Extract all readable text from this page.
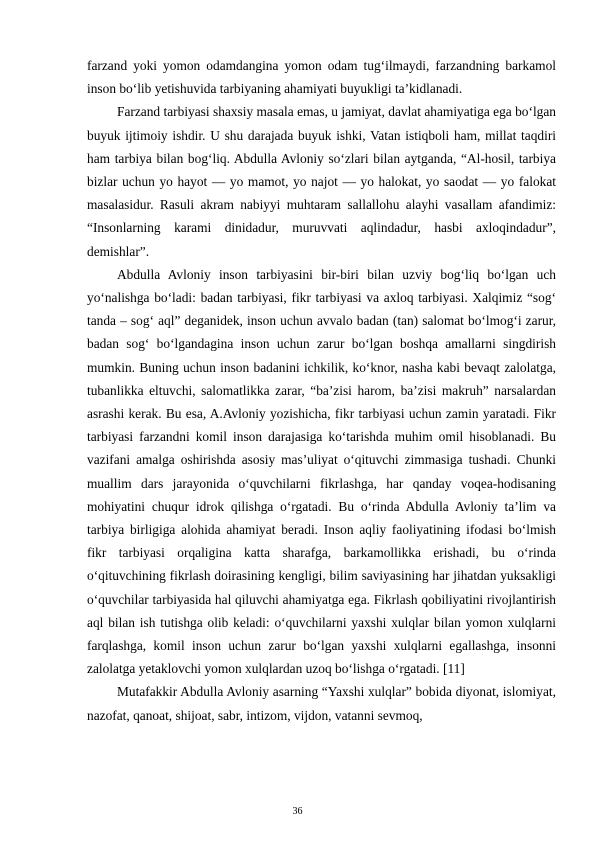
farzand yoki yomon odamdangina yomon odam tug‘ilmaydi, farzandning barkamol inson bo‘lib yetishuvida tarbiyaning ahamiyati buyukligi ta’kidlanadi.

Farzand tarbiyasi shaxsiy masala emas, u jamiyat, davlat ahamiyatiga ega bo‘lgan buyuk ijtimoiy ishdir. U shu darajada buyuk ishki, Vatan istiqboli ham, millat taqdiri ham tarbiya bilan bog‘liq. Abdulla Avloniy so‘zlari bilan aytganda, “Al-hosil, tarbiya bizlar uchun yo hayot — yo mamot, yo najot — yo halokat, yo saodat — yo falokat masalasidur. Rasuli akram nabiyyi muhtaram sallallohu alayhi vasallam afandimiz: “Insonlarning karami dinidadur, muruvvati aqlindadur, hasbi axloqindadur”, demishlar”.

Abdulla Avloniy inson tarbiyasini bir-biri bilan uzviy bog‘liq bo‘lgan uch yo‘nalishga bo‘ladi: badan tarbiyasi, fikr tarbiyasi va axloq tarbiyasi. Xalqimiz “sog‘ tanda – sog‘ aql” deganidek, inson uchun avvalo badan (tan) salomat bo‘lmog‘i zarur, badan sog‘ bo‘lgandagina inson uchun zarur bo‘lgan boshqa amallarni singdirish mumkin. Buning uchun inson badanini ichkilik, ko‘knor, nasha kabi bevaqt zalolatga, tubanlikka eltuvchi, salomatlikka zarar, “ba’zisi harom, ba’zisi makruh” narsalardan asrashi kerak. Bu esa, A.Avloniy yozishicha, fikr tarbiyasi uchun zamin yaratadi. Fikr tarbiyasi farzandni komil inson darajasiga ko‘tarishda muhim omil hisoblanadi. Bu vazifani amalga oshirishda asosiy mas’uliyat o‘qituvchi zimmasiga tushadi. Chunki muallim dars jarayonida o‘quvchilarni fikrlashga, har qanday voqea-hodisaning mohiyatini chuqur idrok qilishga o‘rgatadi. Bu o‘rinda Abdulla Avloniy ta’lim va tarbiya birligiga alohida ahamiyat beradi. Inson aqliy faoliyatining ifodasi bo‘lmish fikr tarbiyasi orqaligina katta sharafga, barkamollikka erishadi, bu o‘rinda o‘qituvchining fikrlash doirasining kengligi, bilim saviyasining har jihatdan yuksakligi o‘quvchilar tarbiyasida hal qiluvchi ahamiyatga ega. Fikrlash qobiliyatini rivojlantirish aql bilan ish tutishga olib keladi: o‘quvchilarni yaxshi xulqlar bilan yomon xulqlarni farqlashga, komil inson uchun zarur bo‘lgan yaxshi xulqlarni egallashga, insonni zalolatga yetaklovchi yomon xulqlardan uzoq bo‘lishga o‘rgatadi. [11]

Mutafakkir Abdulla Avloniy asarning “Yaxshi xulqlar” bobida diyonat, islomiyat, nazofat, qanoat, shijoat, sabr, intizom, vijdon, vatanni sevmoq,

36
